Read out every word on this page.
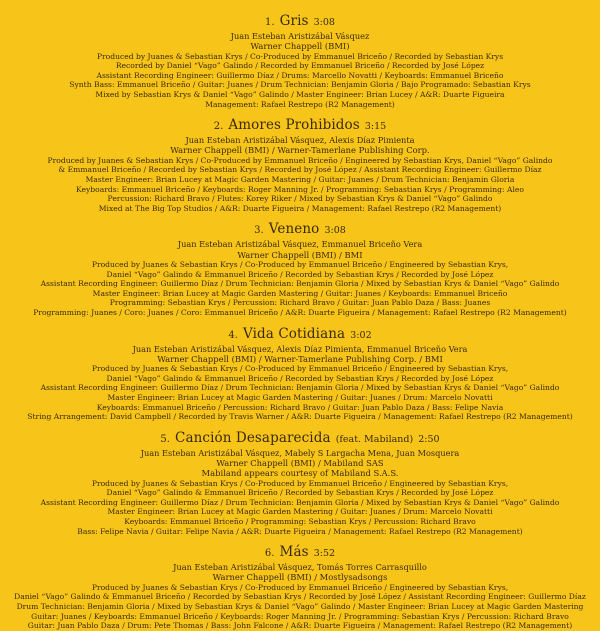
1. Gris 3:08
Juan Esteban Aristizábal Vásquez
Warner Chappell (BMI)
Produced by Juanes & Sebastian Krys / Co-Produced by Emmanuel Briceño / Recorded by Sebastian Krys
Recorded by Daniel “Vago” Galindo / Recorded by Emmanuel Briceño / Recorded by José López
Assistant Recording Engineer: Guillermo Díaz / Drums: Marcello Novatti / Keyboards: Emmanuel Briceño
Synth Bass: Emmanuel Briceño / Guitar: Juanes / Drum Technician: Benjamin Gloria / Bajo Programado: Sebastian Krys
Mixed by Sebastian Krys & Daniel “Vago” Galindo / Master Engineer: Brian Lucey / A&R: Duarte Figueira
Management: Rafael Restrepo (R2 Management)
2. Amores Prohibidos 3:15
Juan Esteban Aristizábal Vásquez, Alexis Díaz Pimienta
Warner Chappell (BMI) / Warner-Tamerlane Publishing Corp.
Produced by Juanes & Sebastian Krys / Co-Produced by Emmanuel Briceño / Engineered by Sebastian Krys, Daniel “Vago” Galindo
& Emmanuel Briceño / Recorded by Sebastian Krys / Recorded by José López / Assistant Recording Engineer: Guillermo Díaz
Master Engineer: Brian Lucey at Magic Garden Mastering / Guitar: Juanes / Drum Technician: Benjamin Gloria
Keyboards: Emmanuel Briceño / Keyboards: Roger Manning Jr. / Programming: Sebastian Krys / Programming: Aleo
Percussion: Richard Bravo / Flutes: Korey Riker / Mixed by Sebastian Krys & Daniel “Vago” Galindo
Mixed at The Big Top Studios / A&R: Duarte Figueira / Management: Rafael Restrepo (R2 Management)
3. Veneno 3:08
Juan Esteban Aristizábal Vásquez, Emmanuel Briceño Vera
Warner Chappell (BMI) / BMI
Produced by Juanes & Sebastian Krys / Co-Produced by Emmanuel Briceño / Engineered by Sebastian Krys,
Daniel “Vago” Galindo & Emmanuel Briceño / Recorded by Sebastian Krys / Recorded by José López
Assistant Recording Engineer: Guillermo Díaz / Drum Technician: Benjamin Gloria / Mixed by Sebastian Krys & Daniel “Vago” Galindo
Master Engineer: Brian Lucey at Magic Garden Mastering / Guitar: Juanes / Keyboards: Emmanuel Briceño
Programming: Sebastian Krys / Percussion: Richard Bravo / Guitar: Juan Pablo Daza / Bass: Juanes
Programming: Juanes / Coro: Juanes / Coro: Emmanuel Briceño / A&R: Duarte Figueira / Management: Rafael Restrepo (R2 Management)
4. Vida Cotidiana 3:02
Juan Esteban Aristizábal Vásquez, Alexis Díaz Pimienta, Emmanuel Briceño Vera
Warner Chappell (BMI) / Warner-Tamerlane Publishing Corp. / BMI
Produced by Juanes & Sebastian Krys / Co-Produced by Emmanuel Briceño / Engineered by Sebastian Krys,
Daniel “Vago” Galindo & Emmanuel Briceño / Recorded by Sebastian Krys / Recorded by José López
Assistant Recording Engineer: Guillermo Díaz / Drum Technician: Benjamin Gloria / Mixed by Sebastian Krys & Daniel “Vago” Galindo
Master Engineer: Brian Lucey at Magic Garden Mastering / Guitar: Juanes / Drum: Marcelo Novatti
Keyboards: Emmanuel Briceño / Percussion: Richard Bravo / Guitar: Juan Pablo Daza / Bass: Felipe Navia
String Arrangement: David Campbell / Recorded by Travis Warner / A&R: Duarte Figueira / Management: Rafael Restrepo (R2 Management)
5. Canción Desaparecida (feat. Mabiland) 2:50
Juan Esteban Aristizábal Vásquez, Mabely S Largacha Mena, Juan Mosquera
Warner Chappell (BMI) / Mabiland SAS
Mabiland appears courtesy of Mabiland S.A.S.
Produced by Juanes & Sebastian Krys / Co-Produced by Emmanuel Briceño / Engineered by Sebastian Krys,
Daniel “Vago” Galindo & Emmanuel Briceño / Recorded by Sebastian Krys / Recorded by José López
Assistant Recording Engineer: Guillermo Díaz / Drum Technician: Benjamin Gloria / Mixed by Sebastian Krys & Daniel “Vago” Galindo
Master Engineer: Brian Lucey at Magic Garden Mastering / Guitar: Juanes / Drum: Marcelo Novatti
Keyboards: Emmanuel Briceño / Programming: Sebastian Krys / Percussion: Richard Bravo
Bass: Felipe Navia / Guitar: Felipe Navia / A&R: Duarte Figueira / Management: Rafael Restrepo (R2 Management)
6. Más 3:52
Juan Esteban Aristizábal Vásquez, Tomás Torres Carrasquillo
Warner Chappell (BMI) / Mostlysadsongs
Produced by Juanes & Sebastian Krys / Co-Produced by Emmanuel Briceño / Engineered by Sebastian Krys,
Daniel “Vago” Galindo & Emmanuel Briceño / Recorded by Sebastian Krys / Recorded by José López / Assistant Recording Engineer: Guillermo Díaz
Drum Technician: Benjamin Gloria / Mixed by Sebastian Krys & Daniel “Vago” Galindo / Master Engineer: Brian Lucey at Magic Garden Mastering
Guitar: Juanes / Keyboards: Emmanuel Briceño / Keyboards: Roger Manning Jr. / Programming: Sebastian Krys / Percussion: Richard Bravo
Guitar: Juan Pablo Daza / Drum: Pete Thomas / Bass: John Falcone / A&R: Duarte Figueira / Management: Rafael Restrepo (R2 Management)
